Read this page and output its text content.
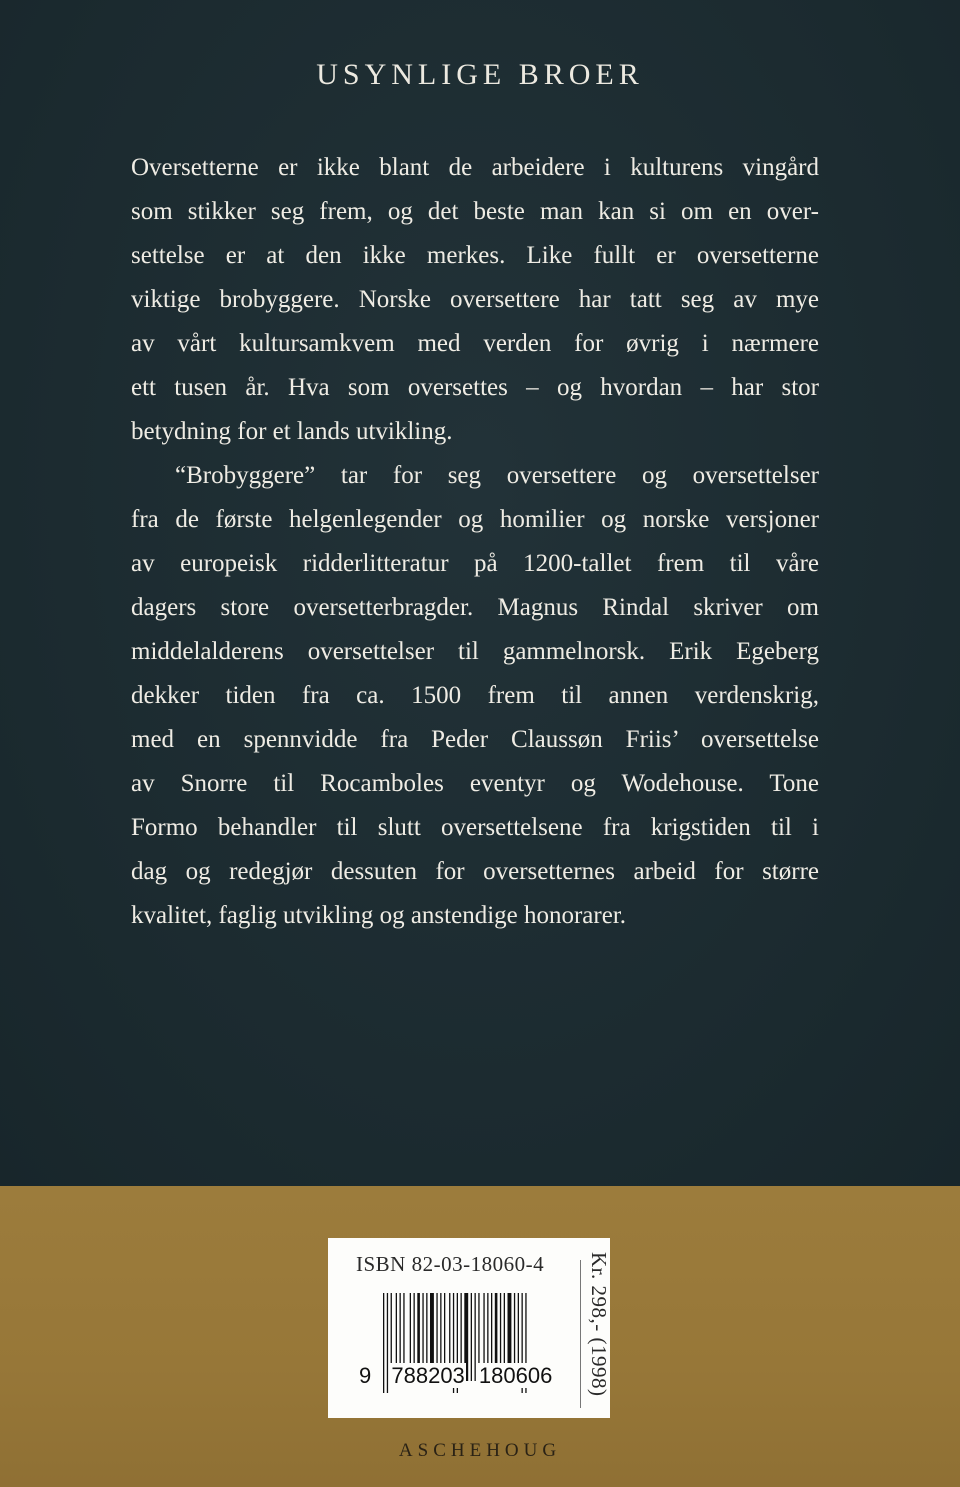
USYNLIGE BROER
Oversetterne er ikke blant de arbeidere i kulturens vingård
som stikker seg frem, og det beste man kan si om en over-
settelse er at den ikke merkes. Like fullt er oversetterne
viktige brobyggere. Norske oversettere har tatt seg av mye
av vårt kultursamkvem med verden for øvrig i nærmere
ett tusen år. Hva som oversettes – og hvordan – har stor
betydning for et lands utvikling.
“Brobyggere” tar for seg oversettere og oversettelser
fra de første helgenlegender og homilier og norske versjoner
av europeisk ridderlitteratur på 1200-tallet frem til våre
dagers store oversetterbragder. Magnus Rindal skriver om
middelalderens oversettelser til gammelnorsk. Erik Egeberg
dekker tiden fra ca. 1500 frem til annen verdenskrig,
med en spennvidde fra Peder Claussøn Friis’ oversettelse
av Snorre til Rocamboles eventyr og Wodehouse. Tone
Formo behandler til slutt oversettelsene fra krigstiden til i
dag og redegjør dessuten for oversetternes arbeid for større
kvalitet, faglig utvikling og anstendige honorarer.
ISBN 82-03-18060-4
9 788203 180606 Kr. 298,- (1998)
ASCHEHOUG
